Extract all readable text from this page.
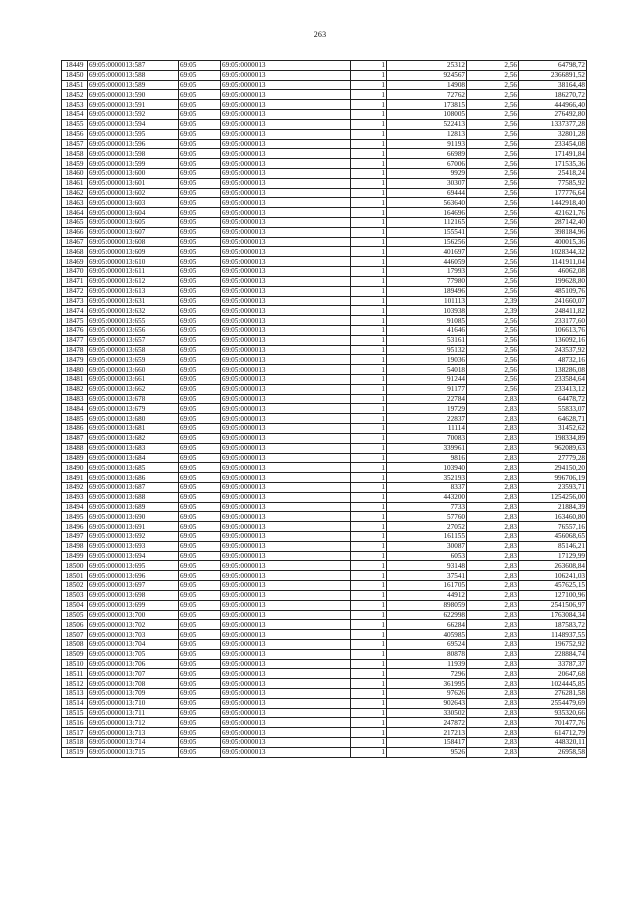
263
18449	69:05:0000013:587	69:05	69:05:0000013	1	25312	2,56	64798,72
18450	69:05:0000013:588	69:05	69:05:0000013	1	924567	2,56	2366891,52
18451	69:05:0000013:589	69:05	69:05:0000013	1	14908	2,56	38164,48
18452	69:05:0000013:590	69:05	69:05:0000013	1	72762	2,56	186270,72
18453	69:05:0000013:591	69:05	69:05:0000013	1	173815	2,56	444966,40
18454	69:05:0000013:592	69:05	69:05:0000013	1	108005	2,56	276492,80
18455	69:05:0000013:594	69:05	69:05:0000013	1	522413	2,56	1337377,28
18456	69:05:0000013:595	69:05	69:05:0000013	1	12813	2,56	32801,28
18457	69:05:0000013:596	69:05	69:05:0000013	1	91193	2,56	233454,08
18458	69:05:0000013:598	69:05	69:05:0000013	1	66989	2,56	171491,84
18459	69:05:0000013:599	69:05	69:05:0000013	1	67006	2,56	171535,36
18460	69:05:0000013:600	69:05	69:05:0000013	1	9929	2,56	25418,24
18461	69:05:0000013:601	69:05	69:05:0000013	1	30307	2,56	77585,92
18462	69:05:0000013:602	69:05	69:05:0000013	1	69444	2,56	177776,64
18463	69:05:0000013:603	69:05	69:05:0000013	1	563640	2,56	1442918,40
18464	69:05:0000013:604	69:05	69:05:0000013	1	164696	2,56	421621,76
18465	69:05:0000013:605	69:05	69:05:0000013	1	112165	2,56	287142,40
18466	69:05:0000013:607	69:05	69:05:0000013	1	155541	2,56	398184,96
18467	69:05:0000013:608	69:05	69:05:0000013	1	156256	2,56	400015,36
18468	69:05:0000013:609	69:05	69:05:0000013	1	401697	2,56	1028344,32
18469	69:05:0000013:610	69:05	69:05:0000013	1	446059	2,56	1141911,04
18470	69:05:0000013:611	69:05	69:05:0000013	1	17993	2,56	46062,08
18471	69:05:0000013:612	69:05	69:05:0000013	1	77980	2,56	199628,80
18472	69:05:0000013:613	69:05	69:05:0000013	1	189496	2,56	485109,76
18473	69:05:0000013:631	69:05	69:05:0000013	1	101113	2,39	241660,07
18474	69:05:0000013:632	69:05	69:05:0000013	1	103938	2,39	248411,82
18475	69:05:0000013:655	69:05	69:05:0000013	1	91085	2,56	233177,60
18476	69:05:0000013:656	69:05	69:05:0000013	1	41646	2,56	106613,76
18477	69:05:0000013:657	69:05	69:05:0000013	1	53161	2,56	136092,16
18478	69:05:0000013:658	69:05	69:05:0000013	1	95132	2,56	243537,92
18479	69:05:0000013:659	69:05	69:05:0000013	1	19036	2,56	48732,16
18480	69:05:0000013:660	69:05	69:05:0000013	1	54018	2,56	138286,08
18481	69:05:0000013:661	69:05	69:05:0000013	1	91244	2,56	233584,64
18482	69:05:0000013:662	69:05	69:05:0000013	1	91177	2,56	233413,12
18483	69:05:0000013:678	69:05	69:05:0000013	1	22784	2,83	64478,72
18484	69:05:0000013:679	69:05	69:05:0000013	1	19729	2,83	55833,07
18485	69:05:0000013:680	69:05	69:05:0000013	1	22837	2,83	64628,71
18486	69:05:0000013:681	69:05	69:05:0000013	1	11114	2,83	31452,62
18487	69:05:0000013:682	69:05	69:05:0000013	1	70083	2,83	198334,89
18488	69:05:0000013:683	69:05	69:05:0000013	1	339961	2,83	962089,63
18489	69:05:0000013:684	69:05	69:05:0000013	1	9816	2,83	27779,28
18490	69:05:0000013:685	69:05	69:05:0000013	1	103940	2,83	294150,20
18491	69:05:0000013:686	69:05	69:05:0000013	1	352193	2,83	996706,19
18492	69:05:0000013:687	69:05	69:05:0000013	1	8337	2,83	23593,71
18493	69:05:0000013:688	69:05	69:05:0000013	1	443200	2,83	1254256,00
18494	69:05:0000013:689	69:05	69:05:0000013	1	7733	2,83	21884,39
18495	69:05:0000013:690	69:05	69:05:0000013	1	57760	2,83	163460,80
18496	69:05:0000013:691	69:05	69:05:0000013	1	27052	2,83	76557,16
18497	69:05:0000013:692	69:05	69:05:0000013	1	161155	2,83	456068,65
18498	69:05:0000013:693	69:05	69:05:0000013	1	30087	2,83	85146,21
18499	69:05:0000013:694	69:05	69:05:0000013	1	6053	2,83	17129,99
18500	69:05:0000013:695	69:05	69:05:0000013	1	93148	2,83	263608,84
18501	69:05:0000013:696	69:05	69:05:0000013	1	37541	2,83	106241,03
18502	69:05:0000013:697	69:05	69:05:0000013	1	161705	2,83	457625,15
18503	69:05:0000013:698	69:05	69:05:0000013	1	44912	2,83	127100,96
18504	69:05:0000013:699	69:05	69:05:0000013	1	898059	2,83	2541506,97
18505	69:05:0000013:700	69:05	69:05:0000013	1	622998	2,83	1763084,34
18506	69:05:0000013:702	69:05	69:05:0000013	1	66284	2,83	187583,72
18507	69:05:0000013:703	69:05	69:05:0000013	1	405985	2,83	1148937,55
18508	69:05:0000013:704	69:05	69:05:0000013	1	69524	2,83	196752,92
18509	69:05:0000013:705	69:05	69:05:0000013	1	80878	2,83	228884,74
18510	69:05:0000013:706	69:05	69:05:0000013	1	11939	2,83	33787,37
18511	69:05:0000013:707	69:05	69:05:0000013	1	7296	2,83	20647,68
18512	69:05:0000013:708	69:05	69:05:0000013	1	361995	2,83	1024445,85
18513	69:05:0000013:709	69:05	69:05:0000013	1	97626	2,83	276281,58
18514	69:05:0000013:710	69:05	69:05:0000013	1	902643	2,83	2554479,69
18515	69:05:0000013:711	69:05	69:05:0000013	1	330502	2,83	935320,66
18516	69:05:0000013:712	69:05	69:05:0000013	1	247872	2,83	701477,76
18517	69:05:0000013:713	69:05	69:05:0000013	1	217213	2,83	614712,79
18518	69:05:0000013:714	69:05	69:05:0000013	1	158417	2,83	448320,11
18519	69:05:0000013:715	69:05	69:05:0000013	1	9526	2,83	26958,58
